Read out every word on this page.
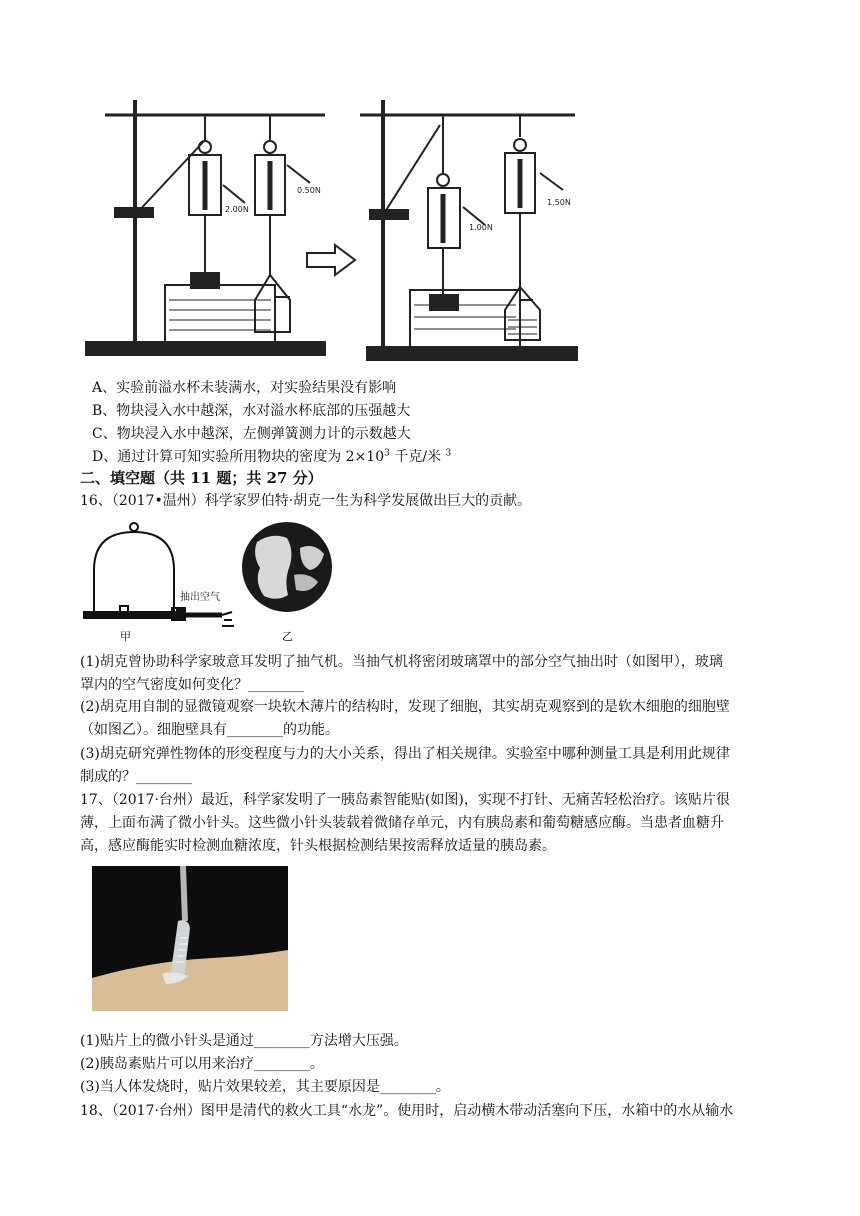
2.00N
0.50N
1.00N
1.50N
A、实验前溢水杯未装满水，对实验结果没有影响
B、物块浸入水中越深，水对溢水杯底部的压强越大
C、物块浸入水中越深，左侧弹簧测力计的示数越大
D、通过计算可知实验所用物块的密度为 $2\times 10^3$ 千克/米 $^3$
二、填空题（共 11 题；共 27 分）
16、（2017•温州）科学家罗伯特·胡克一生为科学发展做出巨大的贡献。
抽出空气
甲	乙
(1)胡克曾协助科学家玻意耳发明了抽气机。当抽气机将密闭玻璃罩中的部分空气抽出时（如图甲），玻璃
罩内的空气密度如何变化？________
(2)胡克用自制的显微镜观察一块软木薄片的结构时，发现了细胞，其实胡克观察到的是软木细胞的细胞壁
（如图乙）。细胞壁具有________的功能。
(3)胡克研究弹性物体的形变程度与力的大小关系，得出了相关规律。实验室中哪种测量工具是利用此规律
制成的？________
17、（2017·台州）最近，科学家发明了一胰岛素智能贴(如图)，实现不打针、无痛苦轻松治疗。该贴片很
薄，上面布满了微小针头。这些微小针头装载着微储存单元，内有胰岛素和葡萄糖感应酶。当患者血糖升
高，感应酶能实时检测血糖浓度，针头根据检测结果按需释放适量的胰岛素。
(1)贴片上的微小针头是通过________方法增大压强。
(2)胰岛素贴片可以用来治疗________。
(3)当人体发烧时，贴片效果较差，其主要原因是________。
18、（2017·台州）图甲是清代的救火工具“水龙”。使用时，启动横木带动活塞向下压，水箱中的水从输水
